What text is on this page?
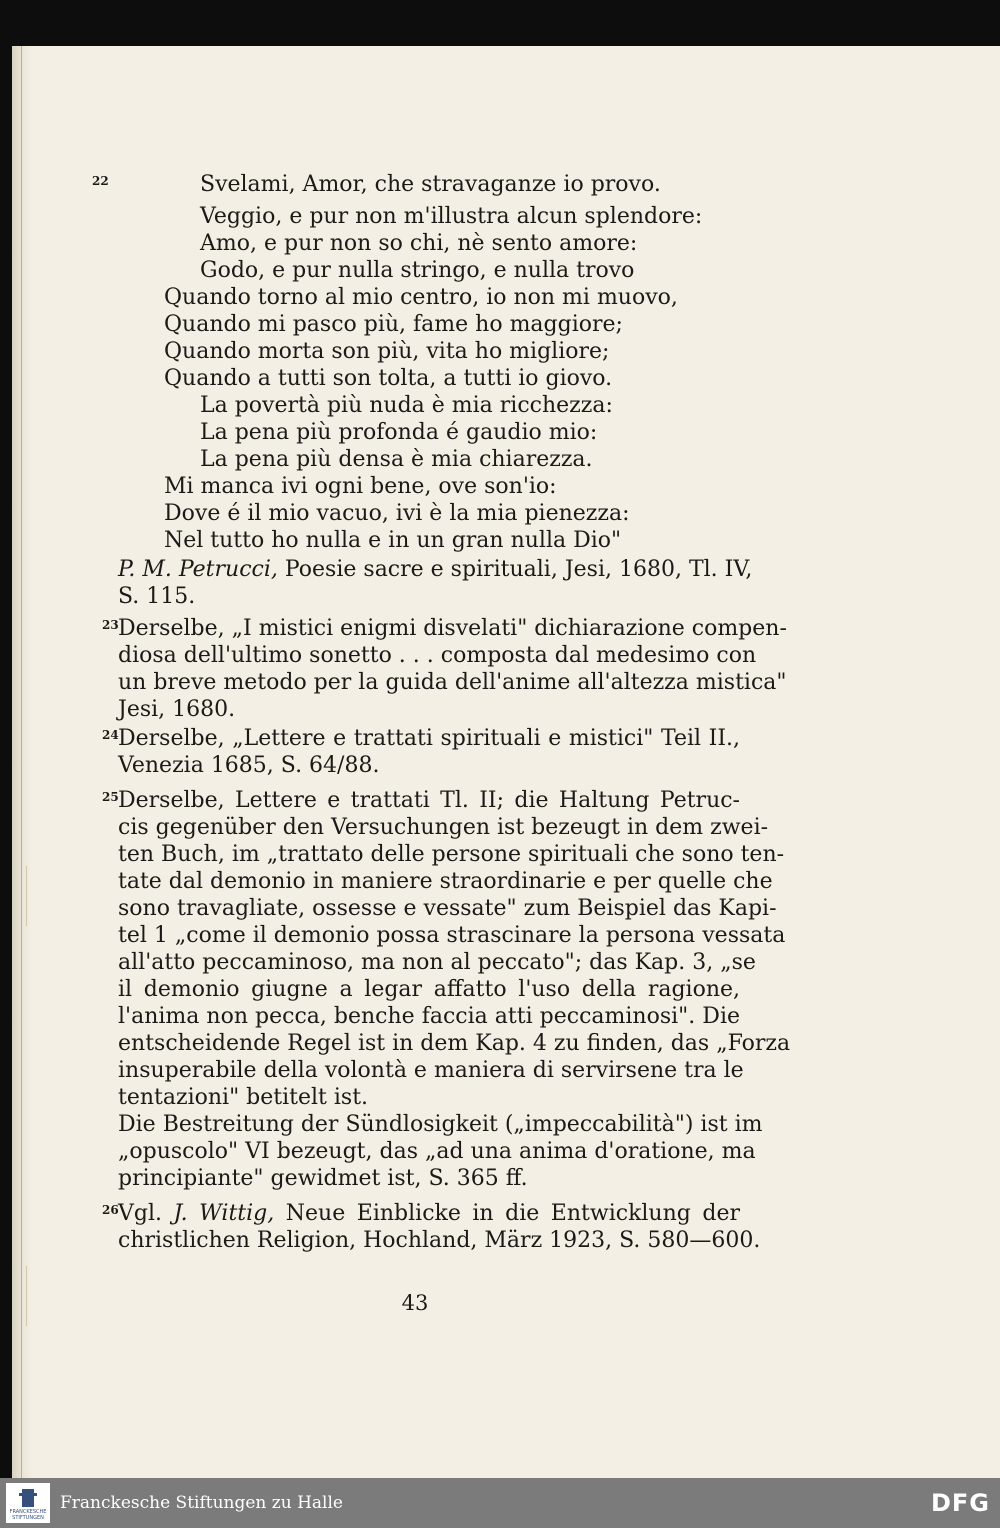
22	Svelami, Amor, che stravaganze io provo.
Veggio, e pur non m'illustra alcun splendore:
Amo, e pur non so chi, nè sento amore:
Godo, e pur nulla stringo, e nulla trovo
Quando torno al mio centro, io non mi muovo,
Quando mi pasco più, fame ho maggiore;
Quando morta son più, vita ho migliore;
Quando a tutti son tolta, a tutti io giovo.
La povertà più nuda è mia ricchezza:
La pena più profonda é gaudio mio:
La pena più densa è mia chiarezza.
Mi manca ivi ogni bene, ove son'io:
Dove é il mio vacuo, ivi è la mia pienezza:
Nel tutto ho nulla e in un gran nulla Dio"
P. M. Petrucci, Poesie sacre e spirituali, Jesi, 1680, Tl. IV,
S. 115.
23 Derselbe, „I mistici enigmi disvelati" dichiarazione compen-
diosa dell'ultimo sonetto . . . composta dal medesimo con
un breve metodo per la guida dell'anime all'altezza mistica"
Jesi, 1680.
24 Derselbe, „Lettere e trattati spirituali e mistici" Teil II.,
Venezia 1685, S. 64/88.
25 Derselbe, Lettere e trattati Tl. II; die Haltung Petruc-
cis gegenüber den Versuchungen ist bezeugt in dem zwei-
ten Buch, im „trattato delle persone spirituali che sono ten-
tate dal demonio in maniere straordinarie e per quelle che
sono travagliate, ossesse e vessate" zum Beispiel das Kapi-
tel 1 „come il demonio possa strascinare la persona vessata
all'atto peccaminoso, ma non al peccato"; das Kap. 3, „se
il demonio giugne a legar affatto l'uso della ragione,
l'anima non pecca, benche faccia atti peccaminosi". Die
entscheidende Regel ist in dem Kap. 4 zu finden, das „Forza
insuperabile della volontà e maniera di servirsene tra le
tentazioni" betitelt ist.
Die Bestreitung der Sündlosigkeit („impeccabilità") ist im
„opuscolo" VI bezeugt, das „ad una anima d'oratione, ma
principiante" gewidmet ist, S. 365 ff.
26 Vgl. J. Wittig, Neue Einblicke in die Entwicklung der
christlichen Religion, Hochland, März 1923, S. 580—600.
43
FRANCKESCHE STIFTUNGEN
Franckesche Stiftungen zu Halle	DFG
